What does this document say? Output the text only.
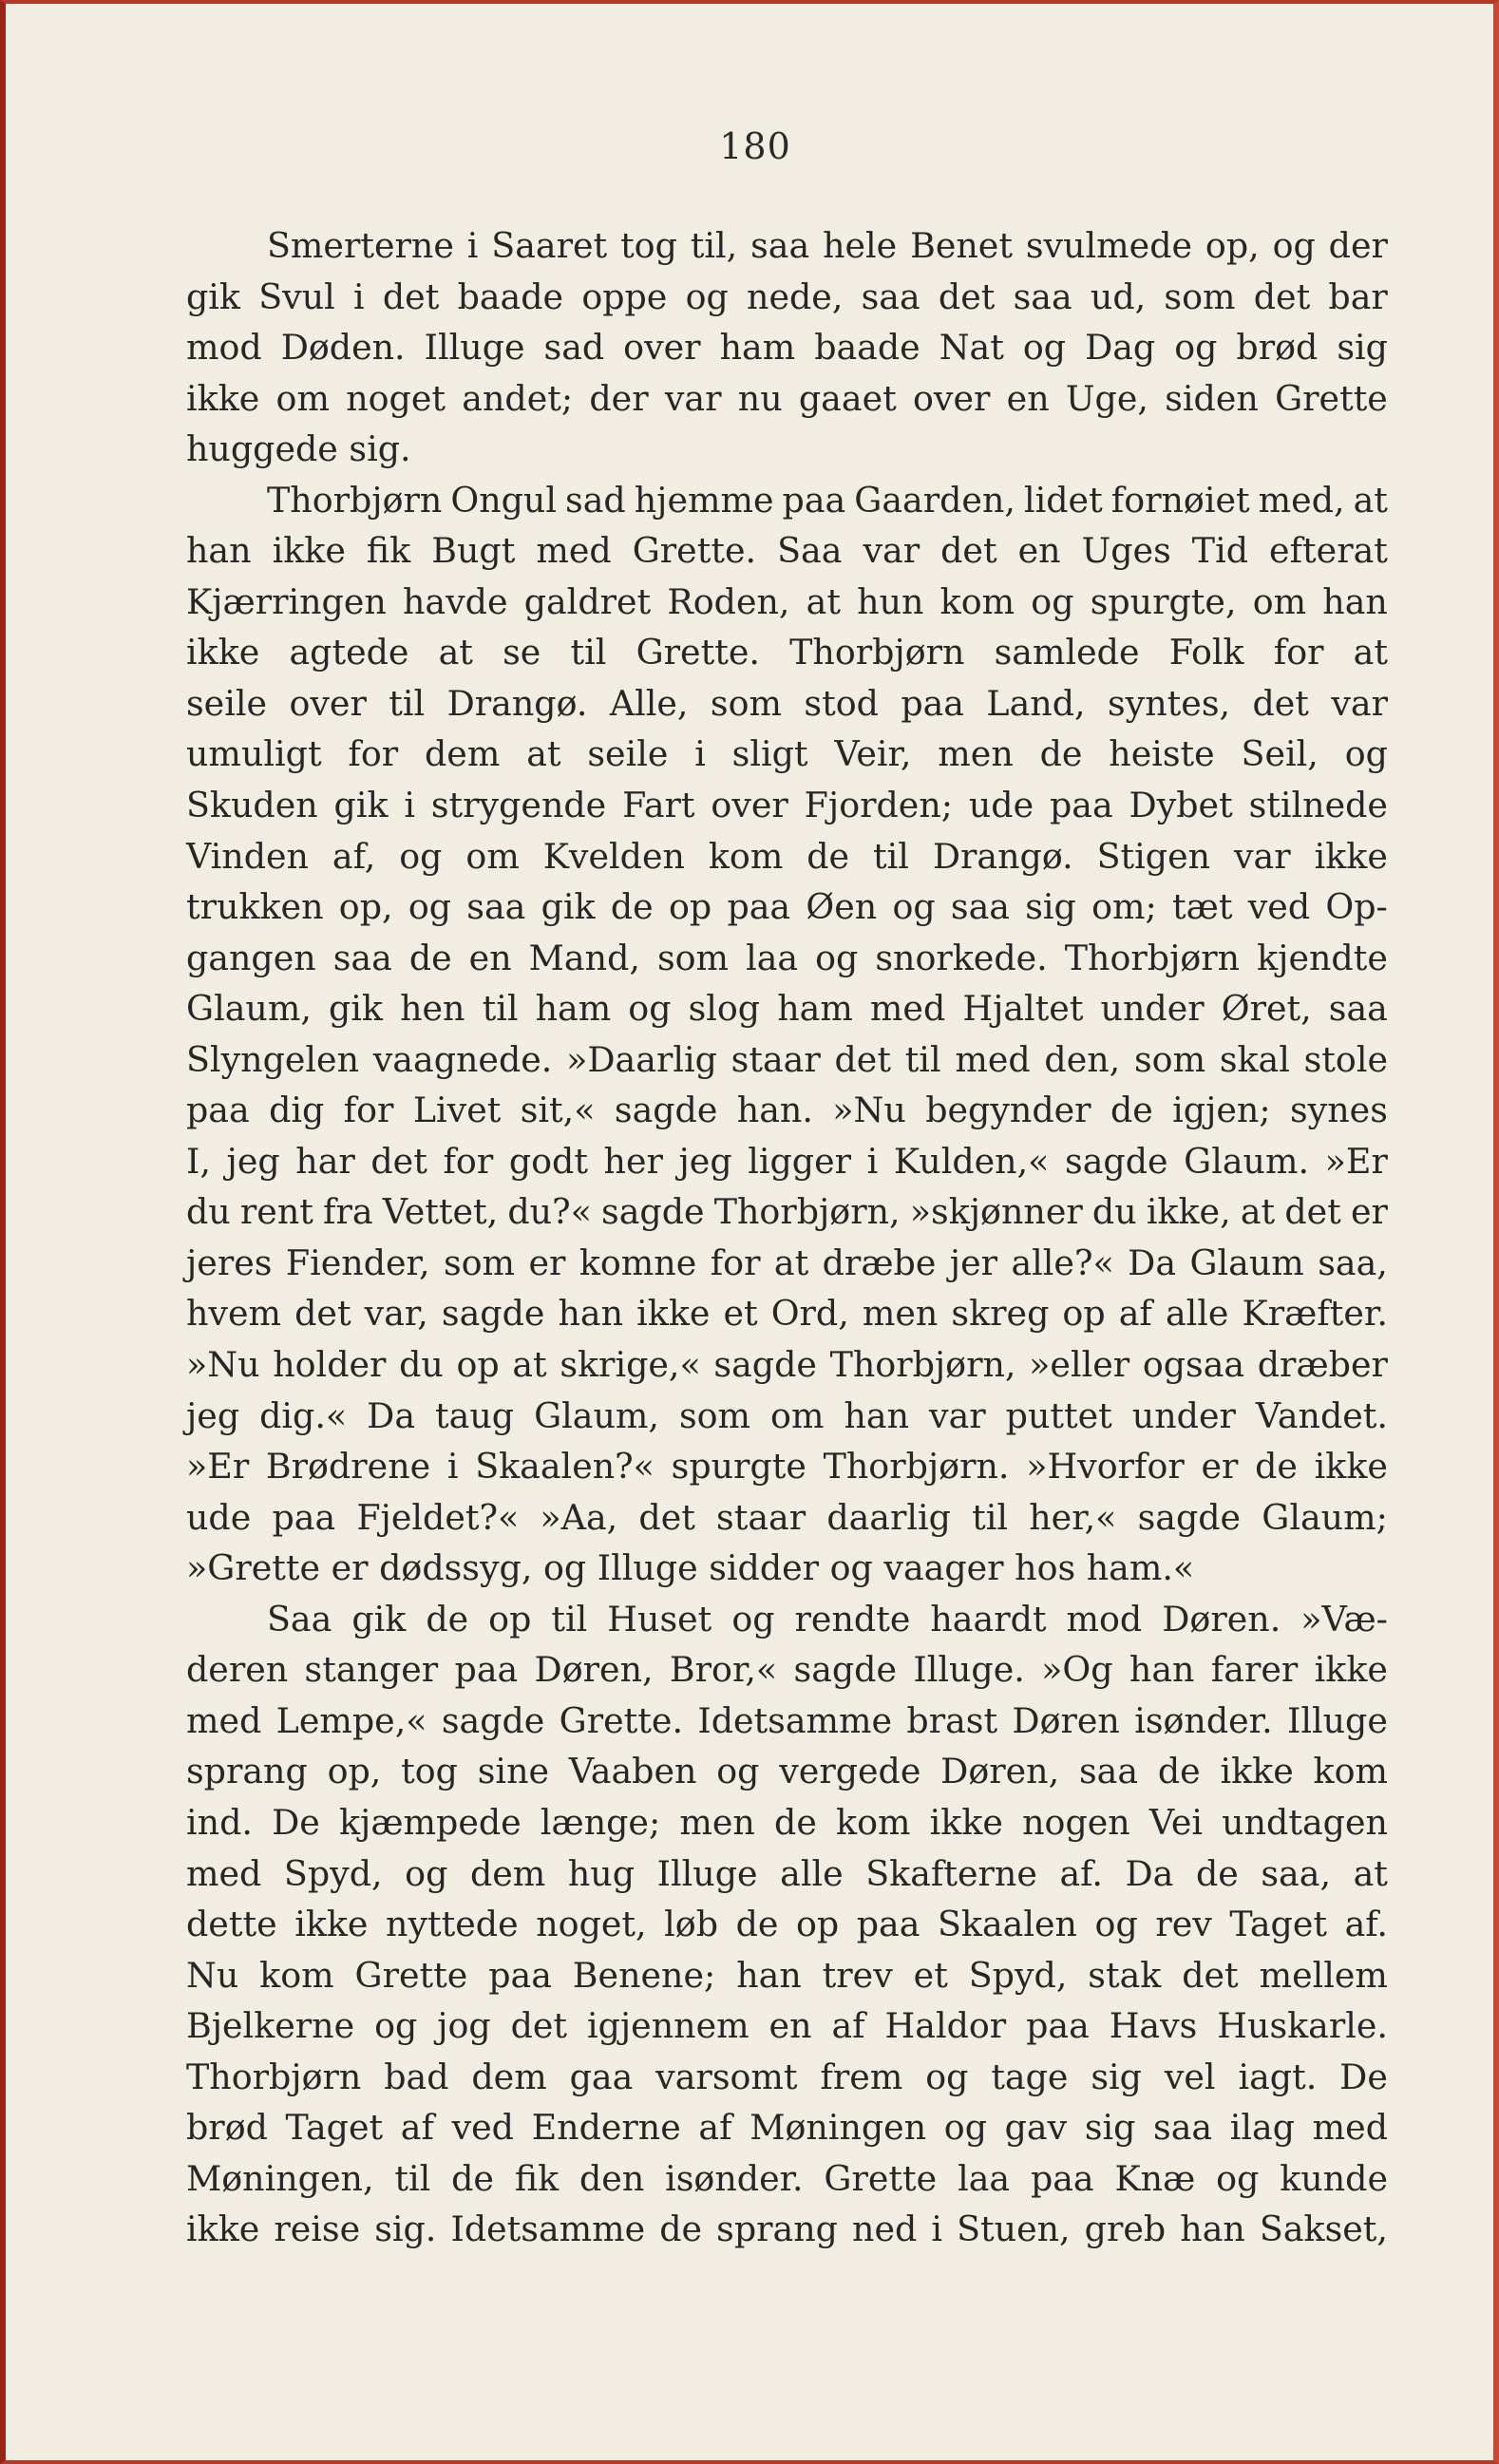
180
Smerterne i Saaret tog til, saa hele Benet svulmede op, og der
gik Svul i det baade oppe og nede, saa det saa ud, som det bar
mod Døden. Illuge sad over ham baade Nat og Dag og brød sig
ikke om noget andet; der var nu gaaet over en Uge, siden Grette
huggede sig.
Thorbjørn Ongul sad hjemme paa Gaarden, lidet fornøiet med, at
han ikke fik Bugt med Grette. Saa var det en Uges Tid efterat
Kjærringen havde galdret Roden, at hun kom og spurgte, om han
ikke agtede at se til Grette. Thorbjørn samlede Folk for at
seile over til Drangø. Alle, som stod paa Land, syntes, det var
umuligt for dem at seile i sligt Veir, men de heiste Seil, og
Skuden gik i strygende Fart over Fjorden; ude paa Dybet stilnede
Vinden af, og om Kvelden kom de til Drangø. Stigen var ikke
trukken op, og saa gik de op paa Øen og saa sig om; tæt ved Op-
gangen saa de en Mand, som laa og snorkede. Thorbjørn kjendte
Glaum, gik hen til ham og slog ham med Hjaltet under Øret, saa
Slyngelen vaagnede. »Daarlig staar det til med den, som skal stole
paa dig for Livet sit,« sagde han. »Nu begynder de igjen; synes
I, jeg har det for godt her jeg ligger i Kulden,« sagde Glaum. »Er
du rent fra Vettet, du?« sagde Thorbjørn, »skjønner du ikke, at det er
jeres Fiender, som er komne for at dræbe jer alle?« Da Glaum saa,
hvem det var, sagde han ikke et Ord, men skreg op af alle Kræfter.
»Nu holder du op at skrige,« sagde Thorbjørn, »eller ogsaa dræber
jeg dig.« Da taug Glaum, som om han var puttet under Vandet.
»Er Brødrene i Skaalen?« spurgte Thorbjørn. »Hvorfor er de ikke
ude paa Fjeldet?« »Aa, det staar daarlig til her,« sagde Glaum;
»Grette er dødssyg, og Illuge sidder og vaager hos ham.«
Saa gik de op til Huset og rendte haardt mod Døren. »Væ-
deren stanger paa Døren, Bror,« sagde Illuge. »Og han farer ikke
med Lempe,« sagde Grette. Idetsamme brast Døren isønder. Illuge
sprang op, tog sine Vaaben og vergede Døren, saa de ikke kom
ind. De kjæmpede længe; men de kom ikke nogen Vei undtagen
med Spyd, og dem hug Illuge alle Skafterne af. Da de saa, at
dette ikke nyttede noget, løb de op paa Skaalen og rev Taget af.
Nu kom Grette paa Benene; han trev et Spyd, stak det mellem
Bjelkerne og jog det igjennem en af Haldor paa Havs Huskarle.
Thorbjørn bad dem gaa varsomt frem og tage sig vel iagt. De
brød Taget af ved Enderne af Møningen og gav sig saa ilag med
Møningen, til de fik den isønder. Grette laa paa Knæ og kunde
ikke reise sig. Idetsamme de sprang ned i Stuen, greb han Sakset,
